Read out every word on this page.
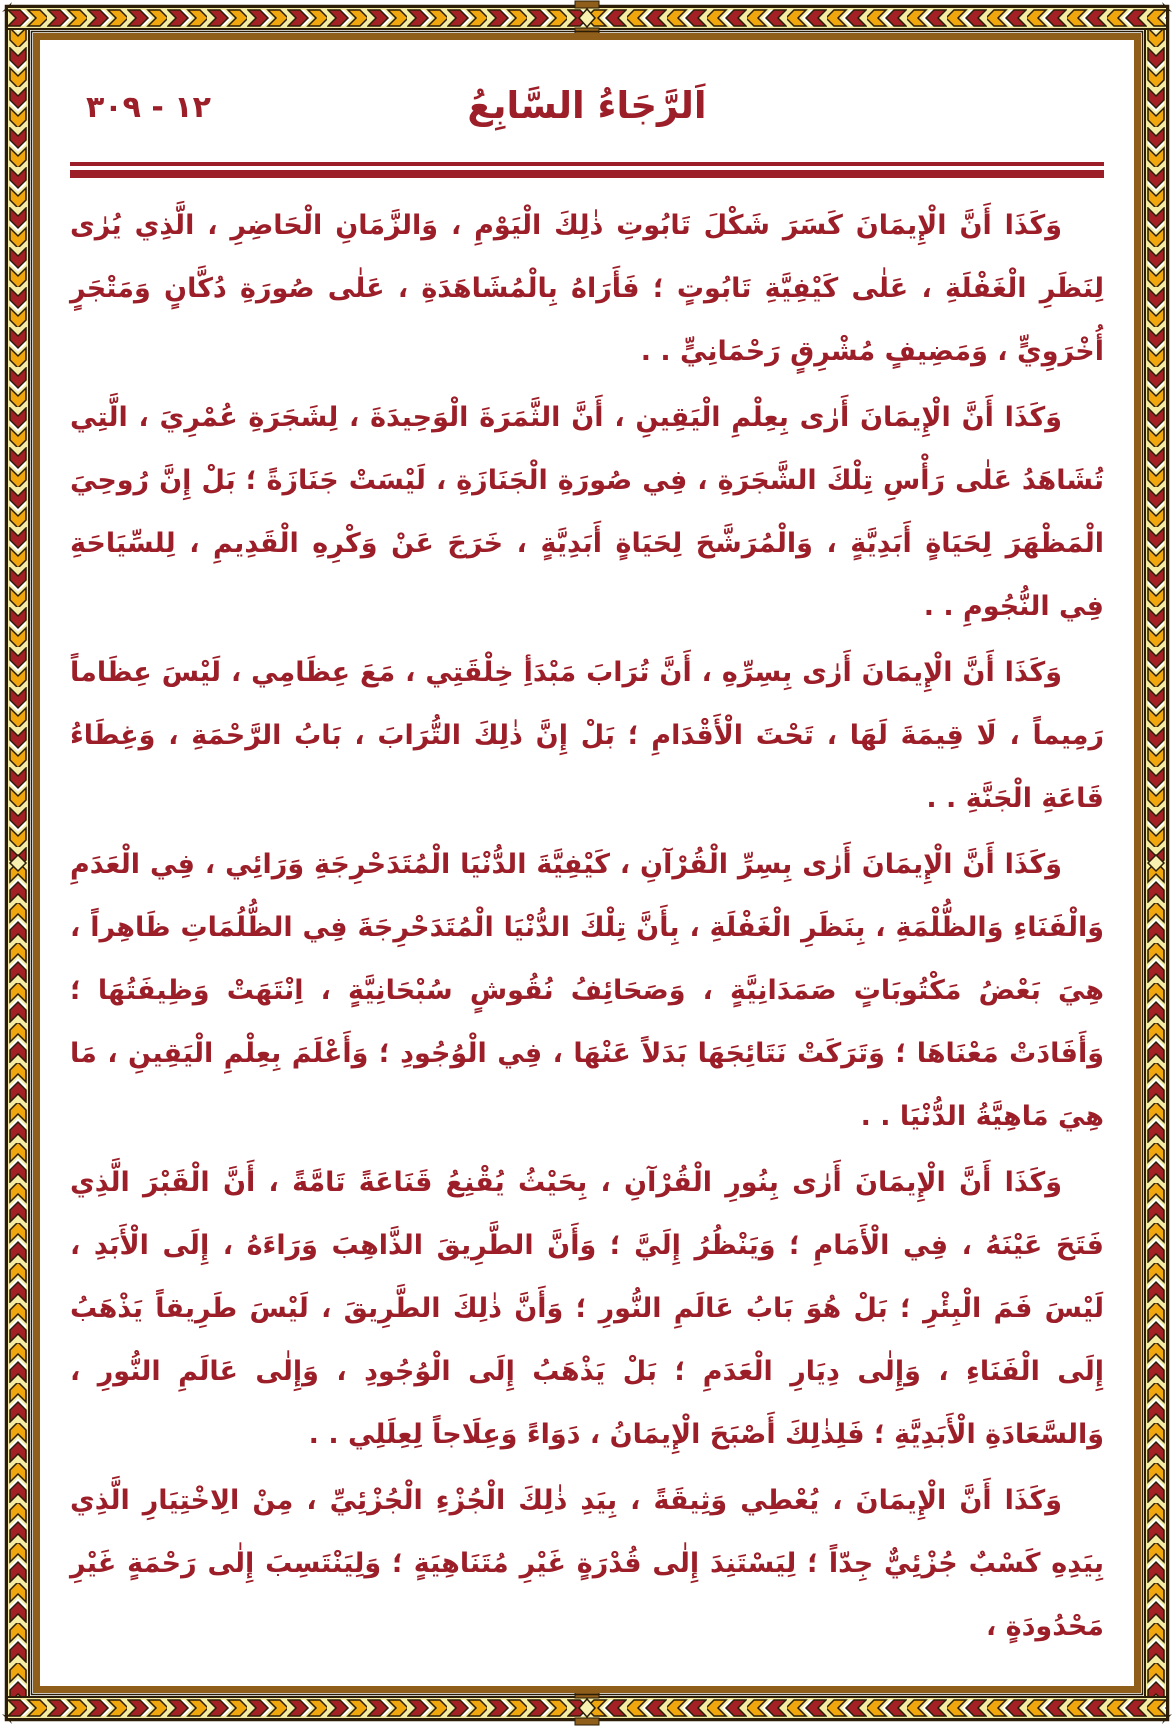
١٢ - ٣٠٩	اَلرَّجَاءُ السَّابِعُ

وَكَذَا أَنَّ الْإِيمَانَ كَسَرَ شَكْلَ تَابُوتِ ذٰلِكَ الْيَوْمِ ، وَالزَّمَانِ الْحَاضِرِ ، الَّذِي يُرٰى لِنَظَرِ الْغَفْلَةِ ، عَلٰى كَيْفِيَّةِ تَابُوتٍ ؛ فَأَرَاهُ بِالْمُشَاهَدَةِ ، عَلٰى صُورَةِ دُكَّانٍ وَمَتْجَرٍ أُخْرَوِيٍّ ، وَمَضِيفٍ مُشْرِقٍ رَحْمَانِيٍّ . .

وَكَذَا أَنَّ الْإِيمَانَ أَرٰى بِعِلْمِ الْيَقِينِ ، أَنَّ الثَّمَرَةَ الْوَحِيدَةَ ، لِشَجَرَةِ عُمْرِيَ ، الَّتِي تُشَاهَدُ عَلٰى رَأْسِ تِلْكَ الشَّجَرَةِ ، فِي صُورَةِ الْجَنَازَةِ ، لَيْسَتْ جَنَازَةً ؛ بَلْ إِنَّ رُوحِيَ الْمَظْهَرَ لِحَيَاةٍ أَبَدِيَّةٍ ، وَالْمُرَشَّحَ لِحَيَاةٍ أَبَدِيَّةٍ ، خَرَجَ عَنْ وَكْرِهِ الْقَدِيمِ ، لِلسِّيَاحَةِ فِي النُّجُومِ . .

وَكَذَا أَنَّ الْإِيمَانَ أَرٰى بِسِرِّهِ ، أَنَّ تُرَابَ مَبْدَأِ خِلْقَتِي ، مَعَ عِظَامِي ، لَيْسَ عِظَاماً رَمِيماً ، لَا قِيمَةَ لَهَا ، تَحْتَ الْأَقْدَامِ ؛ بَلْ إِنَّ ذٰلِكَ التُّرَابَ ، بَابُ الرَّحْمَةِ ، وَغِطَاءُ قَاعَةِ الْجَنَّةِ . .

وَكَذَا أَنَّ الْإِيمَانَ أَرٰى بِسِرِّ الْقُرْآنِ ، كَيْفِيَّةَ الدُّنْيَا الْمُتَدَحْرِجَةِ وَرَائِي ، فِي الْعَدَمِ وَالْفَنَاءِ وَالظُّلْمَةِ ، بِنَظَرِ الْغَفْلَةِ ، بِأَنَّ تِلْكَ الدُّنْيَا الْمُتَدَحْرِجَةَ فِي الظُّلُمَاتِ ظَاهِراً ، هِيَ بَعْضُ مَكْتُوبَاتٍ صَمَدَانِيَّةٍ ، وَصَحَائِفُ نُقُوشٍ سُبْحَانِيَّةٍ ، اِنْتَهَتْ وَظِيفَتُهَا ؛ وَأَفَادَتْ مَعْنَاهَا ؛ وَتَرَكَتْ نَتَائِجَهَا بَدَلاً عَنْهَا ، فِي الْوُجُودِ ؛ وَأَعْلَمَ بِعِلْمِ الْيَقِينِ ، مَا هِيَ مَاهِيَّةُ الدُّنْيَا . .

وَكَذَا أَنَّ الْإِيمَانَ أَرٰى بِنُورِ الْقُرْآنِ ، بِحَيْثُ يُقْنِعُ قَنَاعَةً تَامَّةً ، أَنَّ الْقَبْرَ الَّذِي فَتَحَ عَيْنَهُ ، فِي الْأَمَامِ ؛ وَيَنْظُرُ إِلَيَّ ؛ وَأَنَّ الطَّرِيقَ الذَّاهِبَ وَرَاءَهُ ، إِلَى الْأَبَدِ ، لَيْسَ فَمَ الْبِئْرِ ؛ بَلْ هُوَ بَابُ عَالَمِ النُّورِ ؛ وَأَنَّ ذٰلِكَ الطَّرِيقَ ، لَيْسَ طَرِيقاً يَذْهَبُ إِلَى الْفَنَاءِ ، وَإِلٰى دِيَارِ الْعَدَمِ ؛ بَلْ يَذْهَبُ إِلَى الْوُجُودِ ، وَإِلٰى عَالَمِ النُّورِ ، وَالسَّعَادَةِ الْأَبَدِيَّةِ ؛ فَلِذٰلِكَ أَصْبَحَ الْإِيمَانُ ، دَوَاءً وَعِلَاجاً لِعِلَلِي . .

وَكَذَا أَنَّ الْإِيمَانَ ، يُعْطِي وَثِيقَةً ، بِيَدِ ذٰلِكَ الْجُزْءِ الْجُزْئِيِّ ، مِنْ الِاخْتِيَارِ الَّذِي بِيَدِهِ كَسْبٌ جُزْئِيٌّ جِدّاً ؛ لِيَسْتَنِدَ إِلٰى قُدْرَةٍ غَيْرِ مُتَنَاهِيَةٍ ؛ وَلِيَنْتَسِبَ إِلٰى رَحْمَةٍ غَيْرِ مَحْدُودَةٍ ،
